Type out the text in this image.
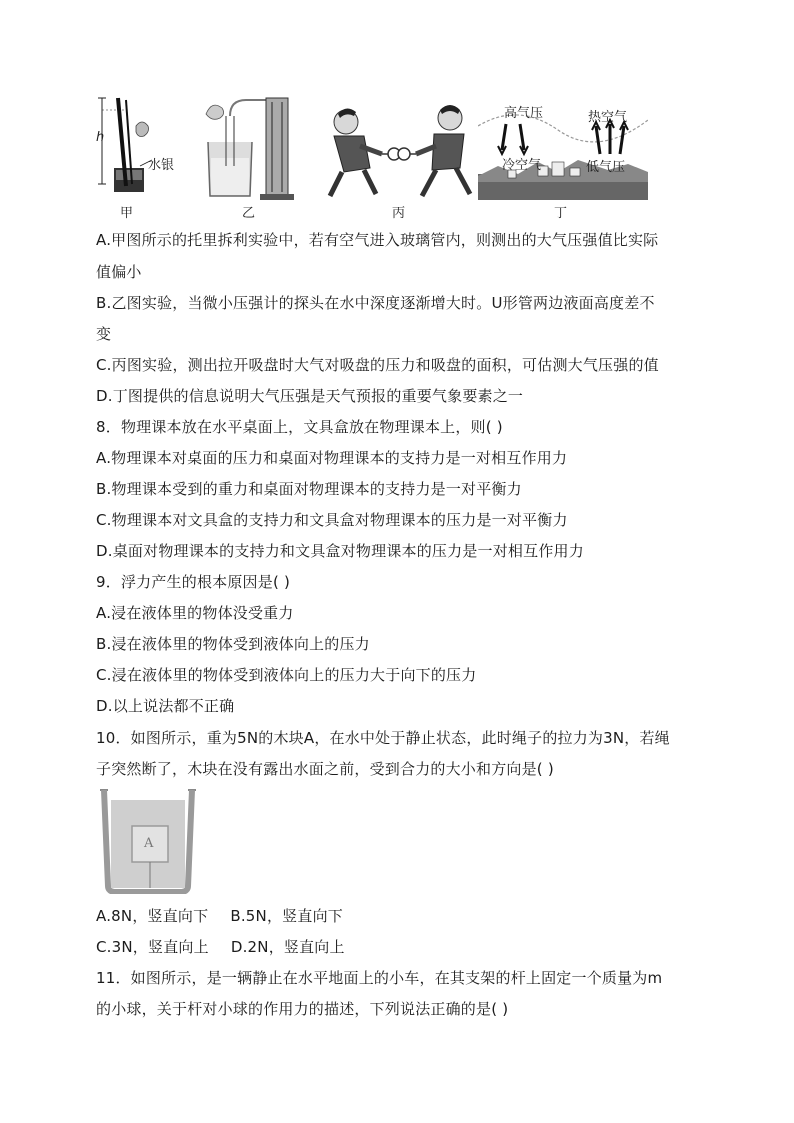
h
水银
甲	乙	丙
高气压	热空气
冷空气	低气压
丁
A.甲图所示的托里拆利实验中，若有空气进入玻璃管内，则测出的大气压强值比实际
值偏小
B.乙图实验，当微小压强计的探头在水中深度逐渐增大时。U形管两边液面高度差不
变
C.丙图实验，测出拉开吸盘时大气对吸盘的压力和吸盘的面积，可估测大气压强的值
D.丁图提供的信息说明大气压强是天气预报的重要气象要素之一
8．物理课本放在水平桌面上，文具盒放在物理课本上，则( )
A.物理课本对桌面的压力和桌面对物理课本的支持力是一对相互作用力
B.物理课本受到的重力和桌面对物理课本的支持力是一对平衡力
C.物理课本对文具盒的支持力和文具盒对物理课本的压力是一对平衡力
D.桌面对物理课本的支持力和文具盒对物理课本的压力是一对相互作用力
9．浮力产生的根本原因是( )
A.浸在液体里的物体没受重力
B.浸在液体里的物体受到液体向上的压力
C.浸在液体里的物体受到液体向上的压力大于向下的压力
D.以上说法都不正确
10．如图所示，重为5N的木块A，在水中处于静止状态，此时绳子的拉力为3N，若绳
子突然断了，木块在没有露出水面之前，受到合力的大小和方向是( )
A
A.8N，竖直向下 B.5N，竖直向下
C.3N，竖直向上 D.2N，竖直向上
11．如图所示，是一辆静止在水平地面上的小车，在其支架的杆上固定一个质量为m
的小球，关于杆对小球的作用力的描述，下列说法正确的是( )
